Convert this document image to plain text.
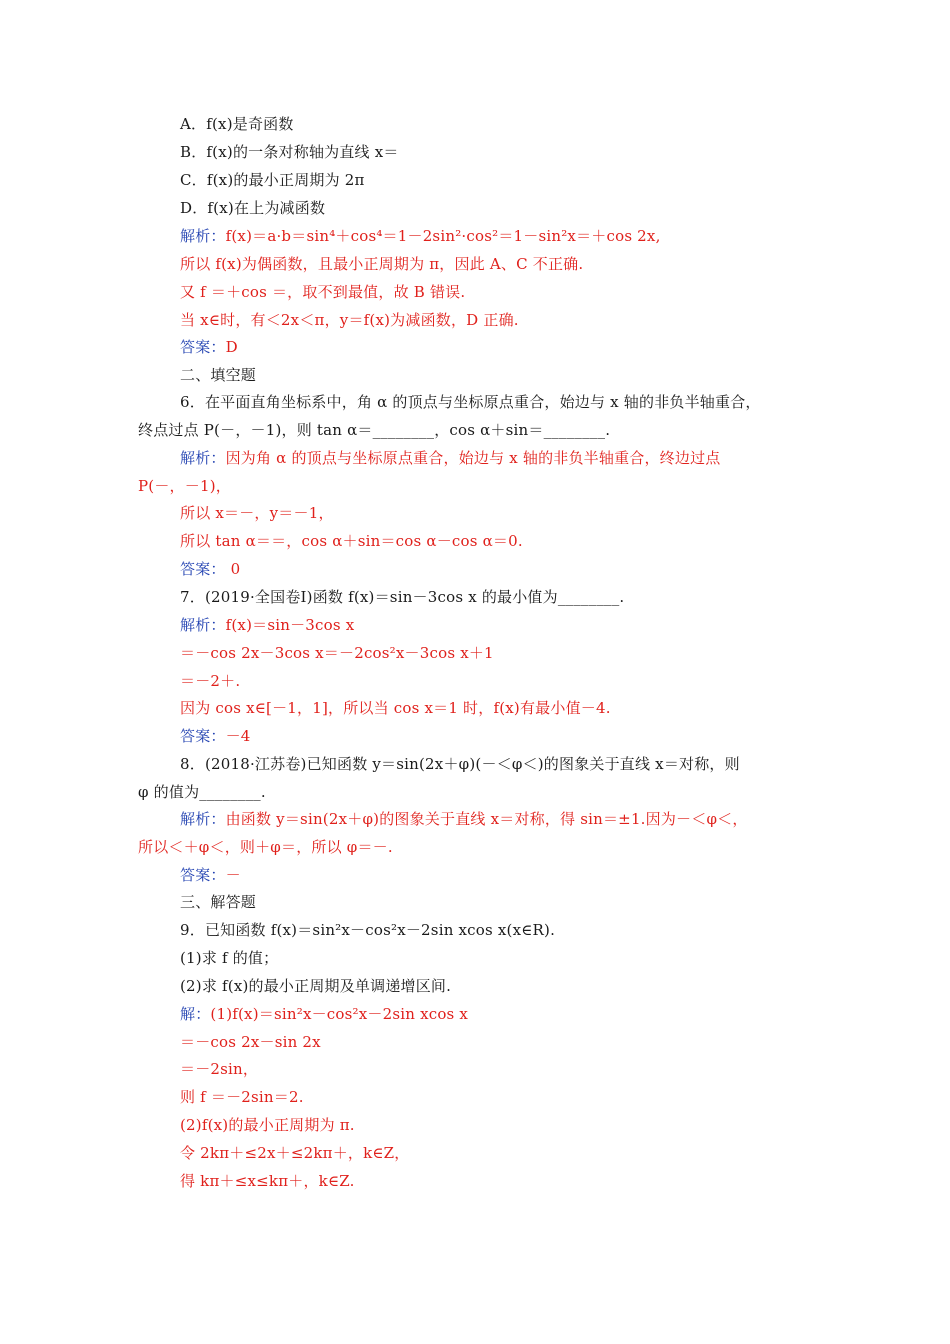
A．f(x)是奇函数
B．f(x)的一条对称轴为直线 x＝
C．f(x)的最小正周期为 2π
D．f(x)在上为减函数
解析：f(x)＝a·b＝sin⁴＋cos⁴＝1－2sin²·cos²＝1－sin²x＝＋cos 2x,
所以 f(x)为偶函数，且最小正周期为 π，因此 A、C 不正确.
又 f ＝＋cos ＝，取不到最值，故 B 错误.
当 x∈时，有＜2x＜π，y＝f(x)为减函数，D 正确.
答案：D
二、填空题
6．在平面直角坐标系中，角 α 的顶点与坐标原点重合，始边与 x 轴的非负半轴重合，
终点过点 P(－，－1)，则 tan α＝________，cos α＋sin＝________.
解析：因为角 α 的顶点与坐标原点重合，始边与 x 轴的非负半轴重合，终边过点
P(－，－1)，
所以 x＝－，y＝－1，
所以 tan α＝＝，cos α＋sin＝cos α－cos α＝0.
答案： 0
7．(2019·全国卷Ⅰ)函数 f(x)＝sin－3cos x 的最小值为________.
解析：f(x)＝sin－3cos x
＝－cos 2x－3cos x＝－2cos²x－3cos x＋1
＝－2＋.
因为 cos x∈[－1，1]，所以当 cos x＝1 时，f(x)有最小值－4.
答案：－4
8．(2018·江苏卷)已知函数 y＝sin(2x＋φ)(－＜φ＜)的图象关于直线 x＝对称，则
φ 的值为________.
解析：由函数 y＝sin(2x＋φ)的图象关于直线 x＝对称，得 sin＝±1.因为－＜φ＜，
所以＜＋φ＜，则＋φ＝，所以 φ＝－.
答案：－
三、解答题
9．已知函数 f(x)＝sin²x－cos²x－2sin xcos x(x∈R).
(1)求 f 的值；
(2)求 f(x)的最小正周期及单调递增区间.
解：(1)f(x)＝sin²x－cos²x－2sin xcos x
＝－cos 2x－sin 2x
＝－2sin，
则 f ＝－2sin＝2.
(2)f(x)的最小正周期为 π.
令 2kπ＋≤2x＋≤2kπ＋，k∈Z，
得 kπ＋≤x≤kπ＋，k∈Z.
